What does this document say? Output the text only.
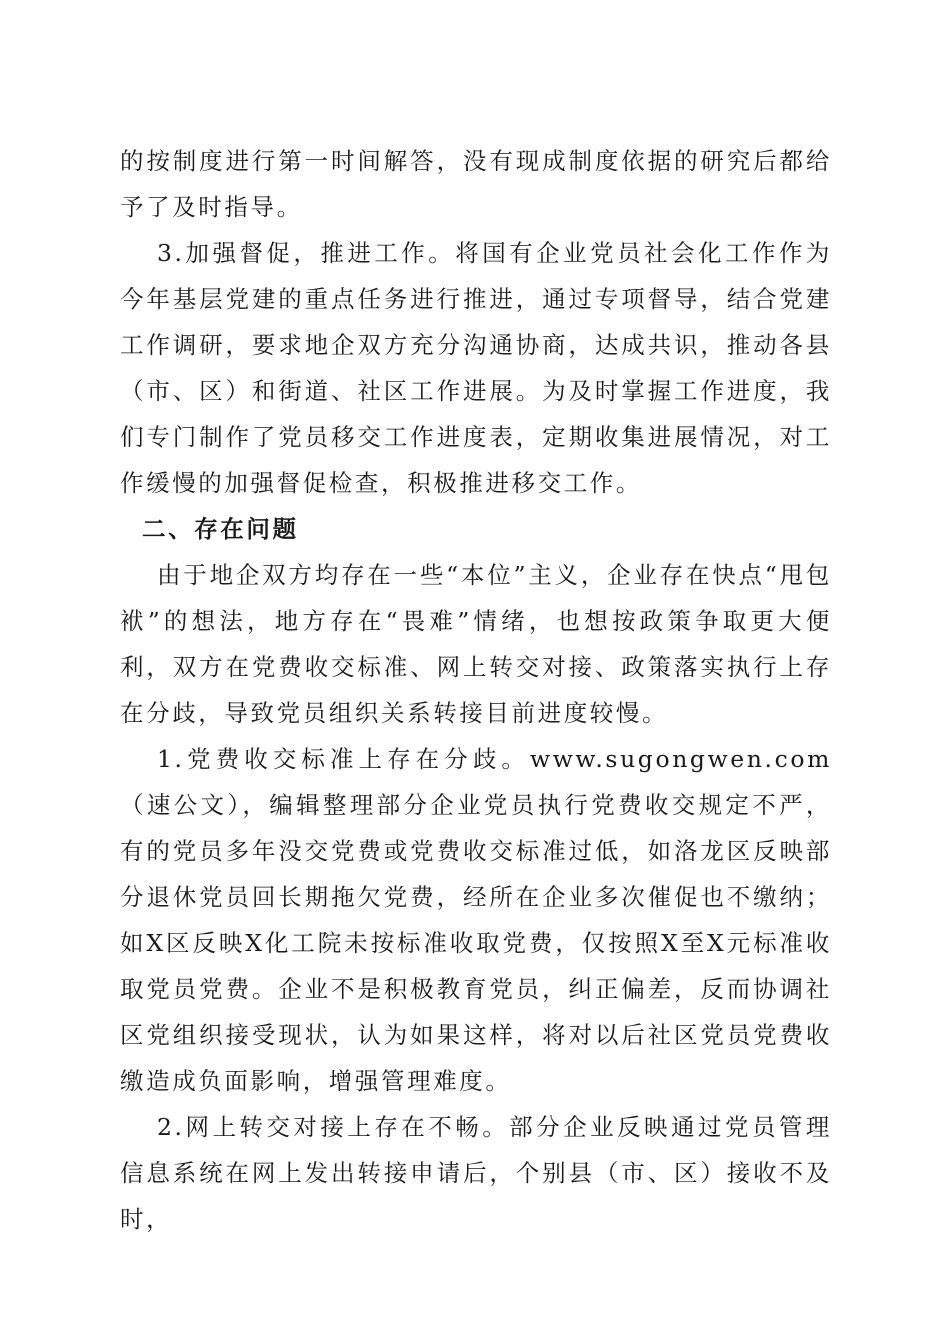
的按制度进行第一时间解答，没有现成制度依据的研究后都给予了及时指导。

3.加强督促，推进工作。将国有企业党员社会化工作作为今年基层党建的重点任务进行推进，通过专项督导，结合党建工作调研，要求地企双方充分沟通协商，达成共识，推动各县（市、区）和街道、社区工作进展。为及时掌握工作进度，我们专门制作了党员移交工作进度表，定期收集进展情况，对工作缓慢的加强督促检查，积极推进移交工作。

二、存在问题

由于地企双方均存在一些“本位”主义，企业存在快点“甩包袱”的想法，地方存在“畏难”情绪，也想按政策争取更大便利，双方在党费收交标准、网上转交对接、政策落实执行上存在分歧，导致党员组织关系转接目前进度较慢。

1.党费收交标准上存在分歧。www.sugongwen.com（速公文），编辑整理部分企业党员执行党费收交规定不严，有的党员多年没交党费或党费收交标准过低，如洛龙区反映部分退休党员回长期拖欠党费，经所在企业多次催促也不缴纳；如X区反映X化工院未按标准收取党费，仅按照X至X元标准收取党员党费。企业不是积极教育党员，纠正偏差，反而协调社区党组织接受现状，认为如果这样，将对以后社区党员党费收缴造成负面影响，增强管理难度。

2.网上转交对接上存在不畅。部分企业反映通过党员管理信息系统在网上发出转接申请后，个别县（市、区）接收不及时，
